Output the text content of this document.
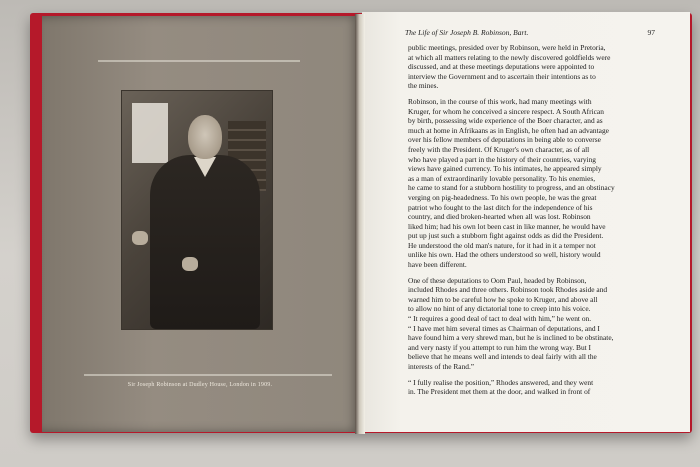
Sir Joseph Robinson at Dudley House, London in 1909.
The Life of Sir Joseph B. Robinson, Bart.	97
public meetings, presided over by Robinson, were held in Pretoria,
at which all matters relating to the newly discovered goldfields were
discussed, and at these meetings deputations were appointed to
interview the Government and to ascertain their intentions as to
the mines.
Robinson, in the course of this work, had many meetings with
Kruger, for whom he conceived a sincere respect. A South African
by birth, possessing wide experience of the Boer character, and as
much at home in Afrikaans as in English, he often had an advantage
over his fellow members of deputations in being able to converse
freely with the President. Of Kruger's own character, as of all
who have played a part in the history of their countries, varying
views have gained currency. To his intimates, he appeared simply
as a man of extraordinarily lovable personality. To his enemies,
he came to stand for a stubborn hostility to progress, and an obstinacy
verging on pig-headedness. To his own people, he was the great
patriot who fought to the last ditch for the independence of his
country, and died broken-hearted when all was lost. Robinson
liked him; had his own lot been cast in like manner, he would have
put up just such a stubborn fight against odds as did the President.
He understood the old man's nature, for it had in it a temper not
unlike his own. Had the others understood so well, history would
have been different.
One of these deputations to Oom Paul, headed by Robinson,
included Rhodes and three others. Robinson took Rhodes aside and
warned him to be careful how he spoke to Kruger, and above all
to allow no hint of any dictatorial tone to creep into his voice.
“ It requires a good deal of tact to deal with him,” he went on.
“ I have met him several times as Chairman of deputations, and I
have found him a very shrewd man, but he is inclined to be obstinate,
and very nasty if you attempt to run him the wrong way. But I
believe that he means well and intends to deal fairly with all the
interests of the Rand.”
“ I fully realise the position,” Rhodes answered, and they went
in. The President met them at the door, and walked in front of
